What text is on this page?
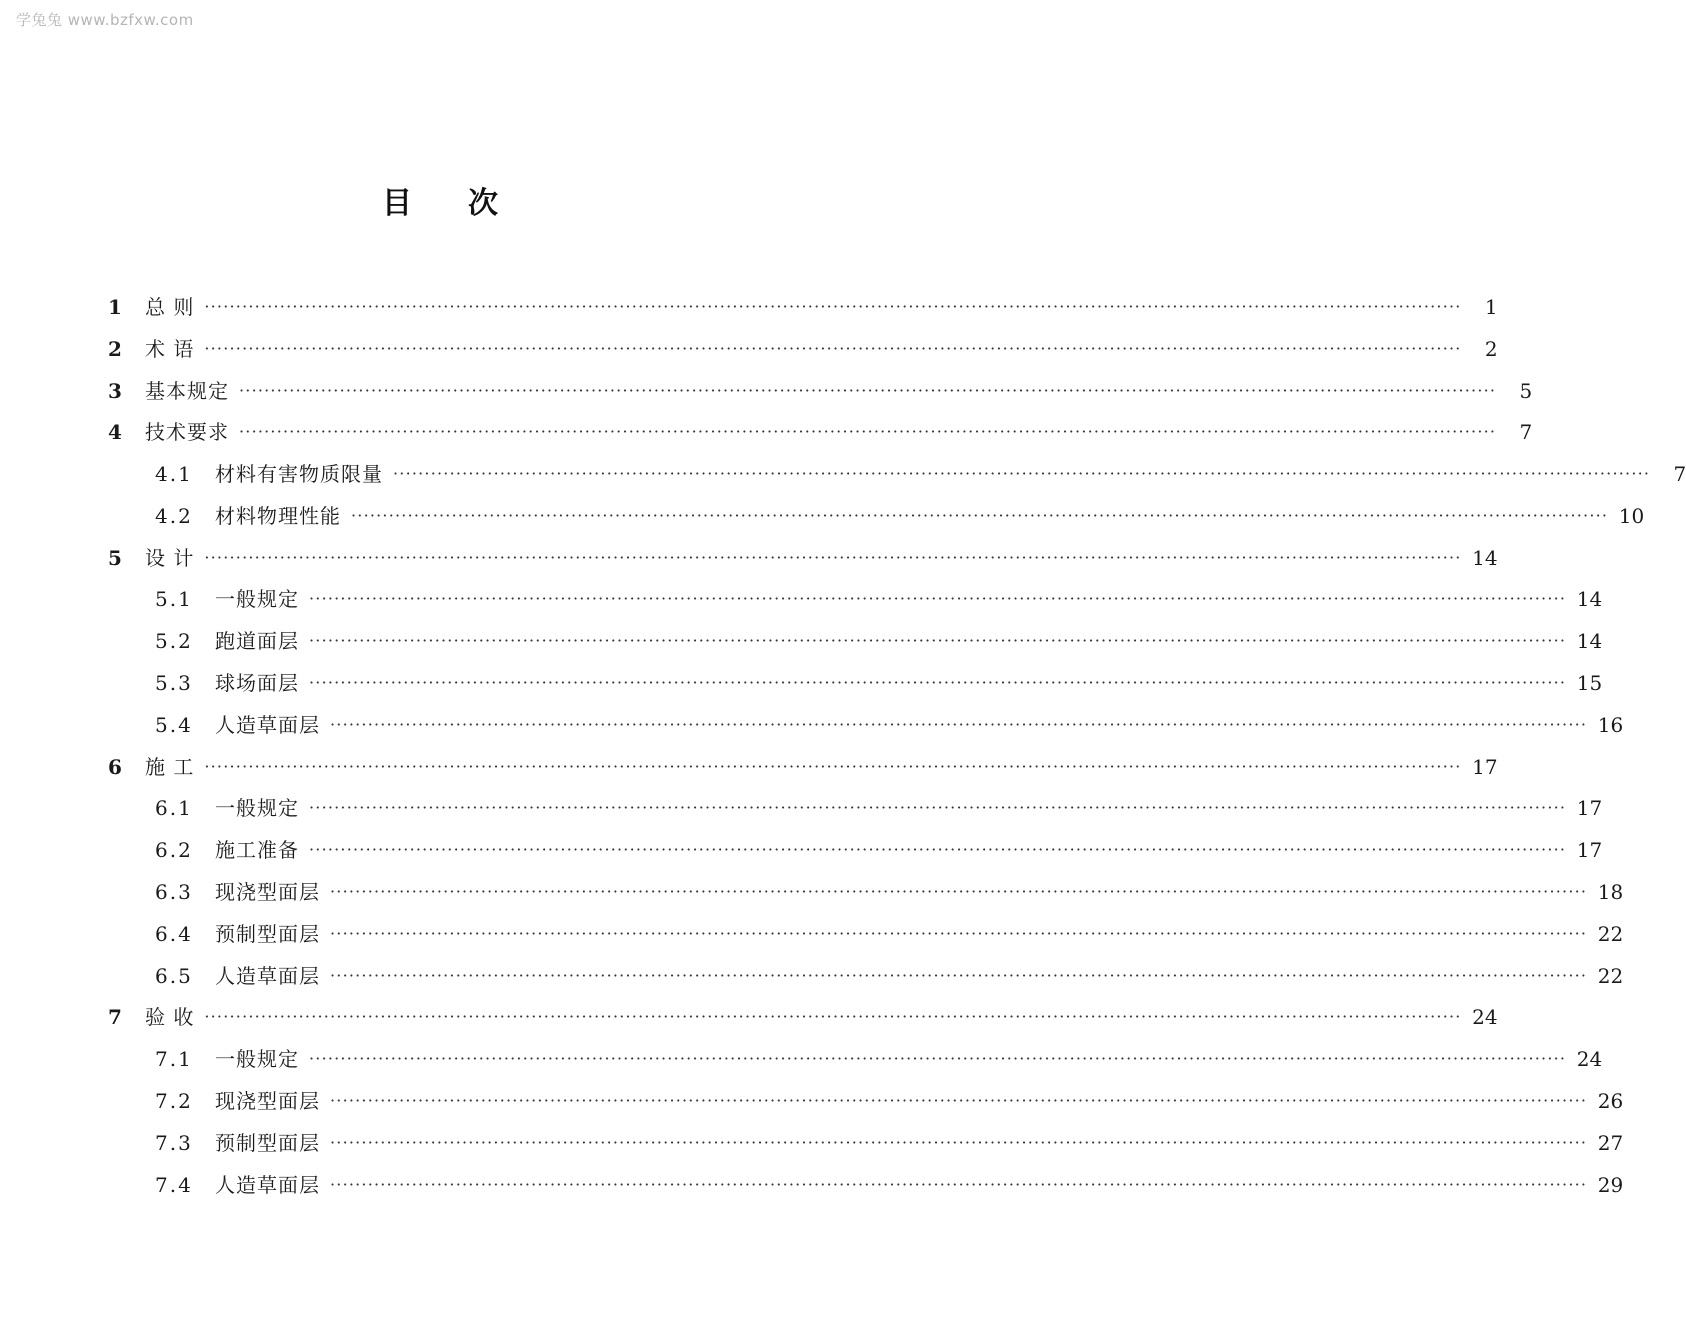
学兔兔 www.bzfxw.com
目 次
1	总 则 ········································································································································································································	1
2	术 语 ········································································································································································································	2
3	基本规定 ········································································································································································································	5
4	技术要求 ········································································································································································································	7
4.1	材料有害物质限量 ········································································································································································································	7
4.2	材料物理性能 ········································································································································································································ 10
5	设 计 ········································································································································································································ 14
5.1	一般规定 ········································································································································································································ 14
5.2	跑道面层 ········································································································································································································ 14
5.3	球场面层 ········································································································································································································ 15
5.4	人造草面层 ········································································································································································································ 16
6	施 工 ········································································································································································································ 17
6.1	一般规定 ········································································································································································································ 17
6.2	施工准备 ········································································································································································································ 17
6.3	现浇型面层 ········································································································································································································ 18
6.4	预制型面层 ········································································································································································································ 22
6.5	人造草面层 ········································································································································································································ 22
7	验 收 ········································································································································································································ 24
7.1	一般规定 ········································································································································································································ 24
7.2	现浇型面层 ········································································································································································································ 26
7.3	预制型面层 ········································································································································································································ 27
7.4	人造草面层 ········································································································································································································ 29
